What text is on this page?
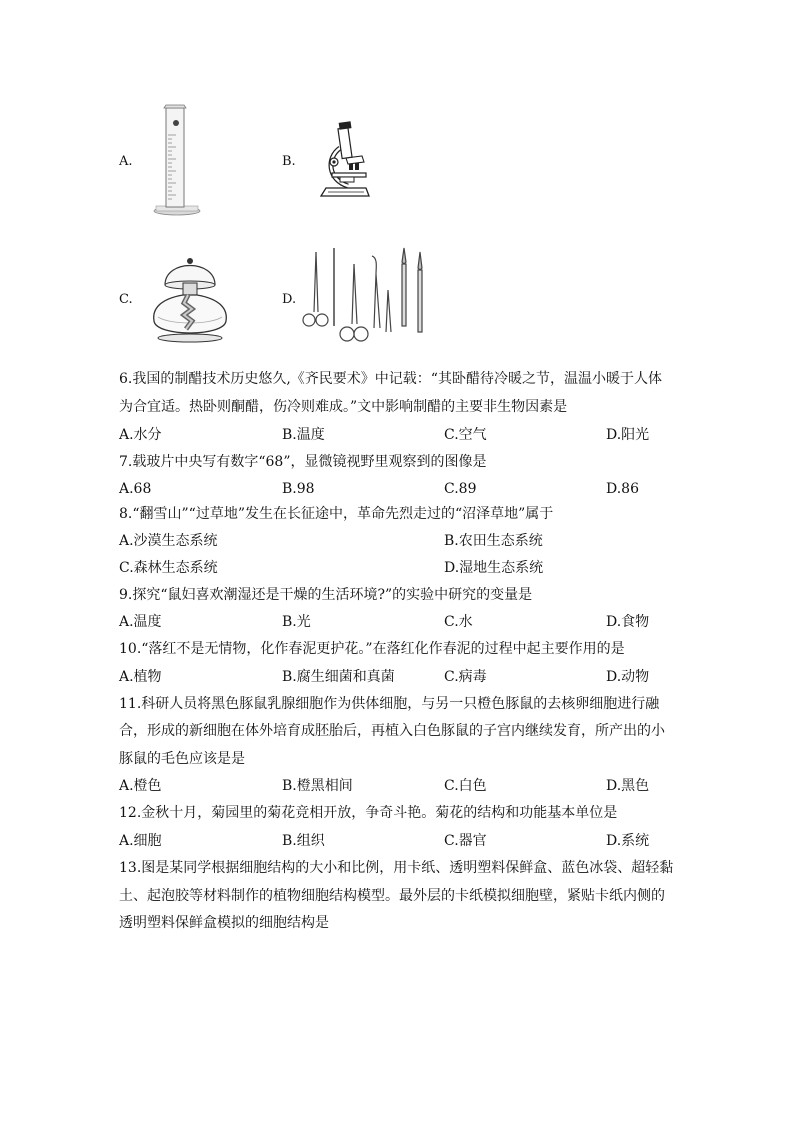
A.	B.
C.	D.
6.我国的制醋技术历史悠久,《齐民要术》中记载：“其卧醋待冷暖之节，温温小暖于人体
为合宜适。热卧则酮醋，伤冷则难成。”文中影响制醋的主要非生物因素是
A.水分	B.温度	C.空气	D.阳光
7.载玻片中央写有数字“68”，显微镜视野里观察到的图像是
A.68	B.98	C.89	D.86
8.“翻雪山”“过草地”发生在长征途中，革命先烈走过的“沼泽草地”属于
A.沙漠生态系统	B.农田生态系统
C.森林生态系统	D.湿地生态系统
9.探究“鼠妇喜欢潮湿还是干燥的生活环境?”的实验中研究的变量是
A.温度	B.光	C.水	D.食物
10.“落红不是无情物，化作春泥更护花。”在落红化作春泥的过程中起主要作用的是
A.植物	B.腐生细菌和真菌	C.病毒	D.动物
11.科研人员将黑色豚鼠乳腺细胞作为供体细胞，与另一只橙色豚鼠的去核卵细胞进行融
合，形成的新细胞在体外培育成胚胎后，再植入白色豚鼠的子宫内继续发育，所产出的小
豚鼠的毛色应该是是
A.橙色	B.橙黑相间	C.白色	D.黑色
12.金秋十月，菊园里的菊花竞相开放，争奇斗艳。菊花的结构和功能基本单位是
A.细胞	B.组织	C.器官	D.系统
13.图是某同学根据细胞结构的大小和比例，用卡纸、透明塑料保鲜盒、蓝色冰袋、超轻黏
土、起泡胶等材料制作的植物细胞结构模型。最外层的卡纸模拟细胞壁，紧贴卡纸内侧的
透明塑料保鲜盒模拟的细胞结构是
